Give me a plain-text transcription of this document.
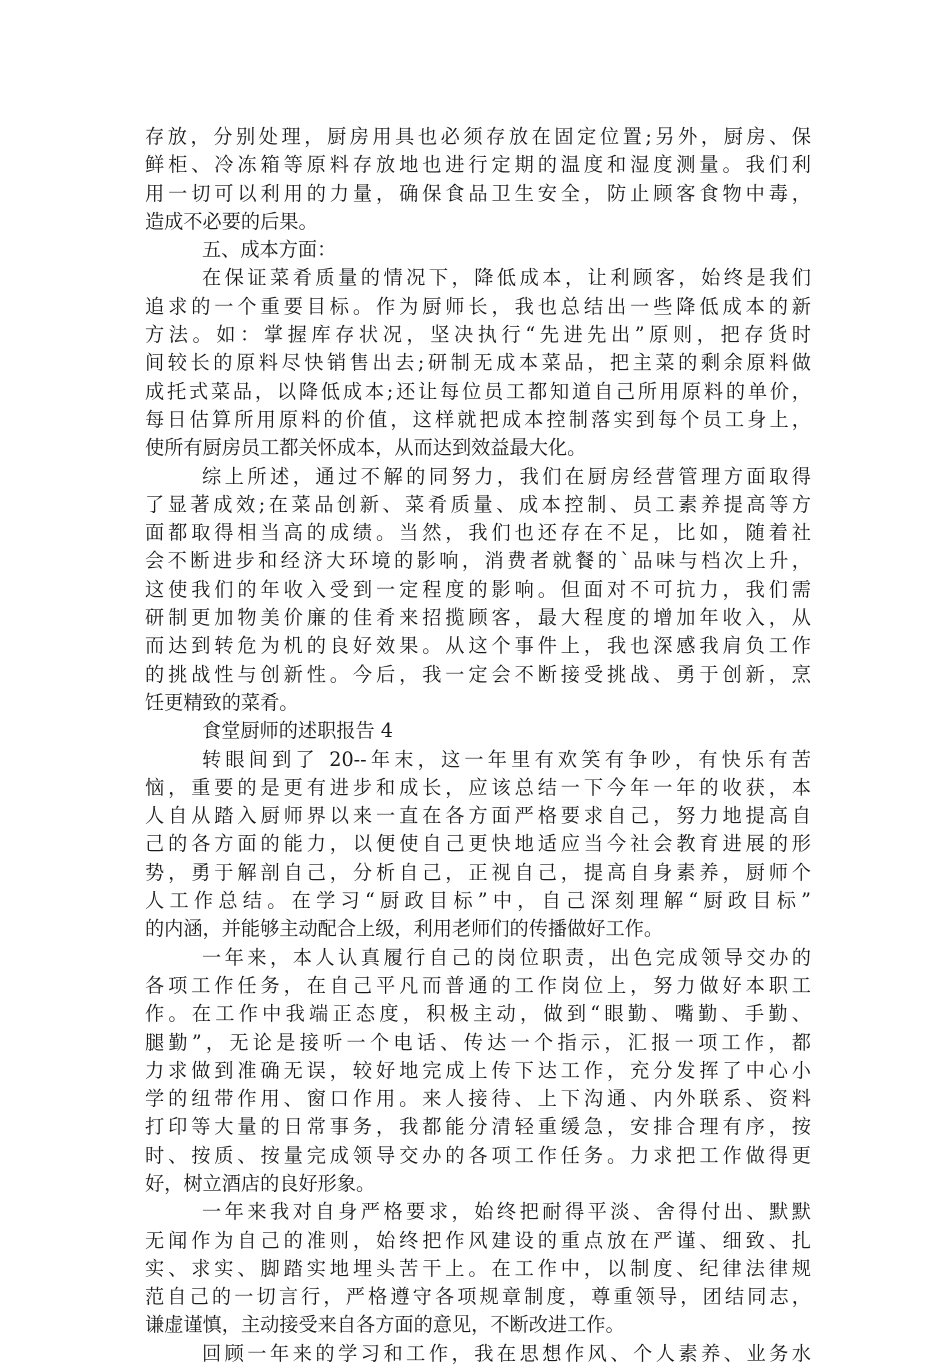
存放，分别处理，厨房用具也必须存放在固定位置;另外，厨房、保
鲜柜、冷冻箱等原料存放地也进行定期的温度和湿度测量。我们利
用一切可以利用的力量，确保食品卫生安全，防止顾客食物中毒，
造成不必要的后果。
五、成本方面：
在保证菜肴质量的情况下，降低成本，让利顾客，始终是我们
追求的一个重要目标。作为厨师长，我也总结出一些降低成本的新
方法。如：掌握库存状况，坚决执行“先进先出”原则，把存货时
间较长的原料尽快销售出去;研制无成本菜品，把主菜的剩余原料做
成托式菜品，以降低成本;还让每位员工都知道自己所用原料的单价，
每日估算所用原料的价值，这样就把成本控制落实到每个员工身上，
使所有厨房员工都关怀成本，从而达到效益最大化。
综上所述，通过不解的同努力，我们在厨房经营管理方面取得
了显著成效;在菜品创新、菜肴质量、成本控制、员工素养提高等方
面都取得相当高的成绩。当然，我们也还存在不足，比如，随着社
会不断进步和经济大环境的影响，消费者就餐的`品味与档次上升，
这使我们的年收入受到一定程度的影响。但面对不可抗力，我们需
研制更加物美价廉的佳肴来招揽顾客，最大程度的增加年收入，从
而达到转危为机的良好效果。从这个事件上，我也深感我肩负工作
的挑战性与创新性。今后，我一定会不断接受挑战、勇于创新，烹
饪更精致的菜肴。
食堂厨师的述职报告 4
转眼间到了 20--年末，这一年里有欢笑有争吵，有快乐有苦
恼，重要的是更有进步和成长，应该总结一下今年一年的收获，本
人自从踏入厨师界以来一直在各方面严格要求自己，努力地提高自
己的各方面的能力，以便使自己更快地适应当今社会教育进展的形
势，勇于解剖自己，分析自己，正视自己，提高自身素养，厨师个
人工作总结。在学习“厨政目标”中，自己深刻理解“厨政目标”
的内涵，并能够主动配合上级，利用老师们的传播做好工作。
一年来，本人认真履行自己的岗位职责，出色完成领导交办的
各项工作任务，在自己平凡而普通的工作岗位上，努力做好本职工
作。在工作中我端正态度，积极主动，做到“眼勤、嘴勤、手勤、
腿勤”，无论是接听一个电话、传达一个指示，汇报一项工作，都
力求做到准确无误，较好地完成上传下达工作，充分发挥了中心小
学的纽带作用、窗口作用。来人接待、上下沟通、内外联系、资料
打印等大量的日常事务，我都能分清轻重缓急，安排合理有序，按
时、按质、按量完成领导交办的各项工作任务。力求把工作做得更
好，树立酒店的良好形象。
一年来我对自身严格要求，始终把耐得平淡、舍得付出、默默
无闻作为自己的准则，始终把作风建设的重点放在严谨、细致、扎
实、求实、脚踏实地埋头苦干上。在工作中，以制度、纪律法律规
范自己的一切言行，严格遵守各项规章制度，尊重领导，团结同志，
谦虚谨慎，主动接受来自各方面的意见，不断改进工作。
回顾一年来的学习和工作，我在思想作风、个人素养、业务水
